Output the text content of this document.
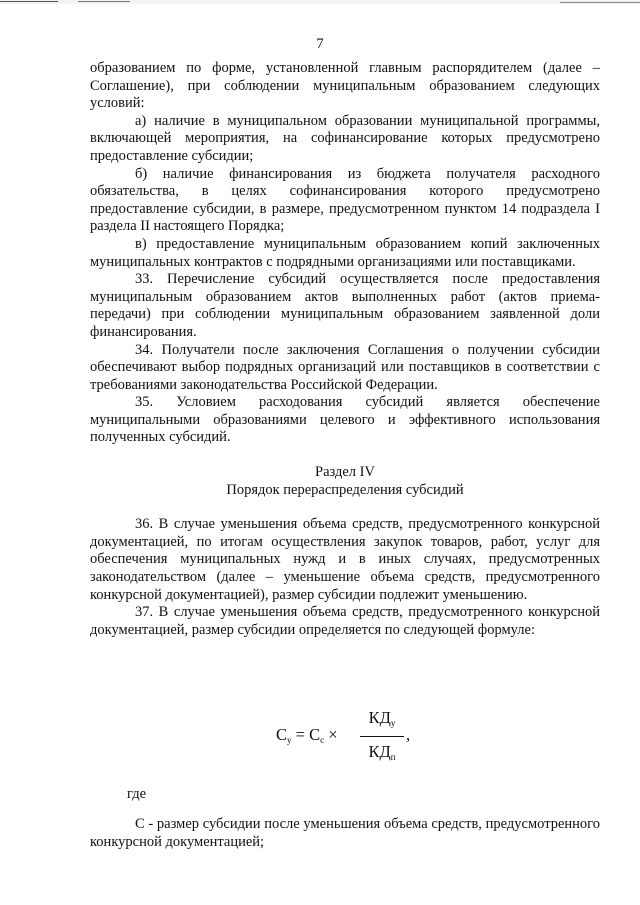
7

образованием по форме, установленной главным распорядителем (далее – Соглашение), при соблюдении муниципальным образованием следующих условий:

а) наличие в муниципальном образовании муниципальной программы, включающей мероприятия, на софинансирование которых предусмотрено предоставление субсидии;

б) наличие финансирования из бюджета получателя расходного обязательства, в целях софинансирования которого предусмотрено предоставление субсидии, в размере, предусмотренном пунктом 14 подраздела I раздела II настоящего Порядка;

в) предоставление муниципальным образованием копий заключенных муниципальных контрактов с подрядными организациями или поставщиками.

33. Перечисление субсидий осуществляется после предоставления муниципальным образованием актов выполненных работ (актов приема-передачи) при соблюдении муниципальным образованием заявленной доли финансирования.

34. Получатели после заключения Соглашения о получении субсидии обеспечивают выбор подрядных организаций или поставщиков в соответствии с требованиями законодательства Российской Федерации.

35. Условием расходования субсидий является обеспечение муниципальными образованиями целевого и эффективного использования полученных субсидий.

Раздел IV

Порядок перераспределения субсидий

36. В случае уменьшения объема средств, предусмотренного конкурсной документацией, по итогам осуществления закупок товаров, работ, услуг для обеспечения муниципальных нужд и в иных случаях, предусмотренных законодательством (далее – уменьшение объема средств, предусмотренного конкурсной документацией), размер субсидии подлежит уменьшению.

37. В случае уменьшения объема средств, предусмотренного конкурсной документацией, размер субсидии определяется по следующей формуле:

$С_у = С_с$ ×
$КД_у$
$КД_п$
,
где

С - размер субсидии после уменьшения объема средств, предусмотренного конкурсной документацией;
